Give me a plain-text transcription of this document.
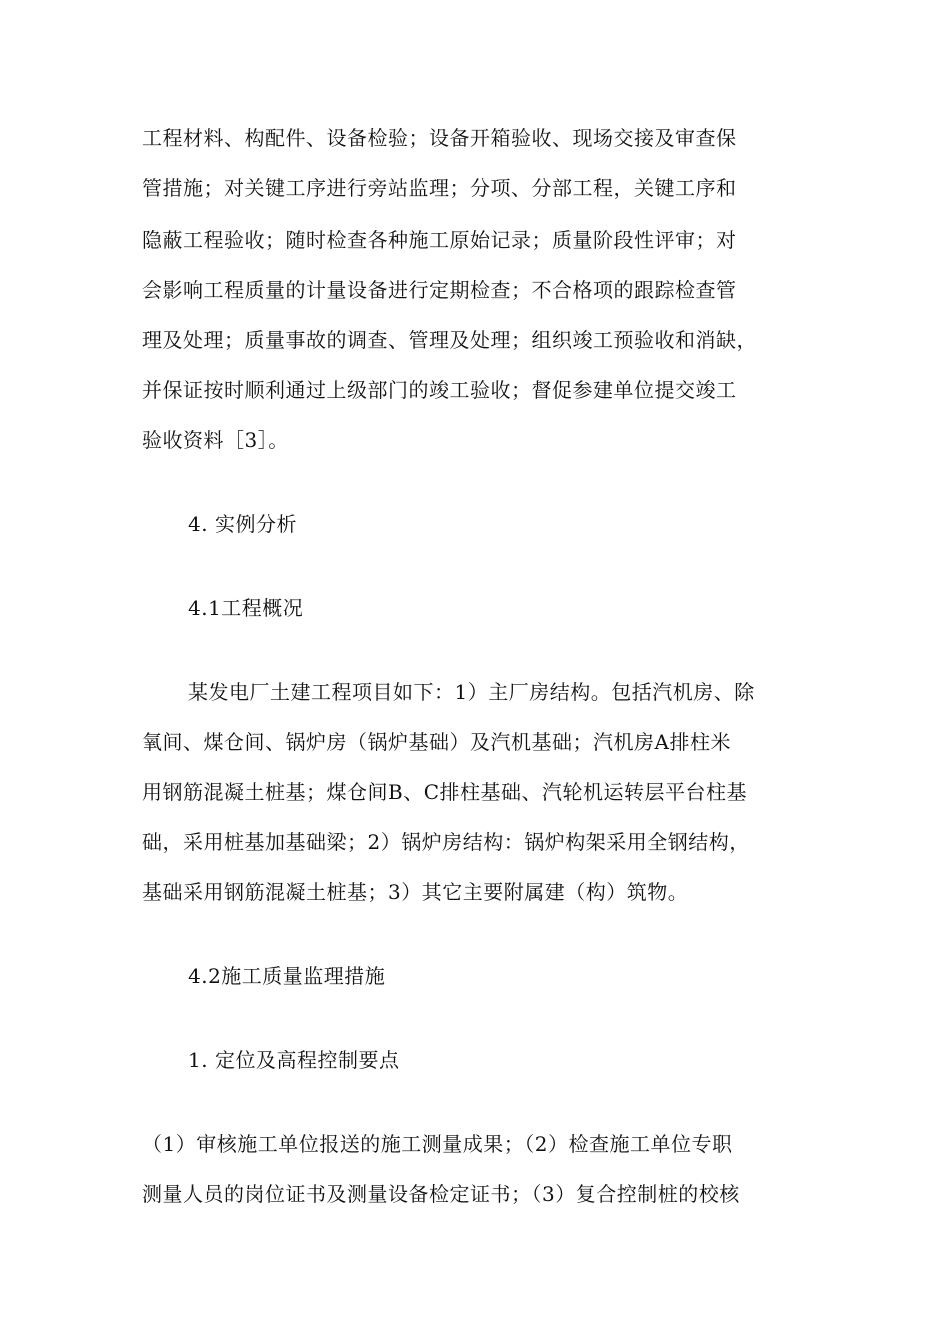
工程材料、构配件、设备检验；设备开箱验收、现场交接及审查保
管措施；对关键工序进行旁站监理；分项、分部工程，关键工序和
隐蔽工程验收；随时检查各种施工原始记录；质量阶段性评审；对
会影响工程质量的计量设备进行定期检查；不合格项的跟踪检查管
理及处理；质量事故的调查、管理及处理；组织竣工预验收和消缺，
并保证按时顺利通过上级部门的竣工验收；督促参建单位提交竣工
验收资料［3］。
4. 实例分析
4.1工程概况
某发电厂土建工程项目如下：1）主厂房结构。包括汽机房、除
氧间、煤仓间、锅炉房（锅炉基础）及汽机基础；汽机房A排柱米
用钢筋混凝土桩基；煤仓间B、C排柱基础、汽轮机运转层平台柱基
础，采用桩基加基础梁；2）锅炉房结构：锅炉构架采用全钢结构，
基础采用钢筋混凝土桩基；3）其它主要附属建（构）筑物。
4.2施工质量监理措施
1. 定位及高程控制要点
（1）审核施工单位报送的施工测量成果；（2）检查施工单位专职
测量人员的岗位证书及测量设备检定证书；（3）复合控制桩的校核
